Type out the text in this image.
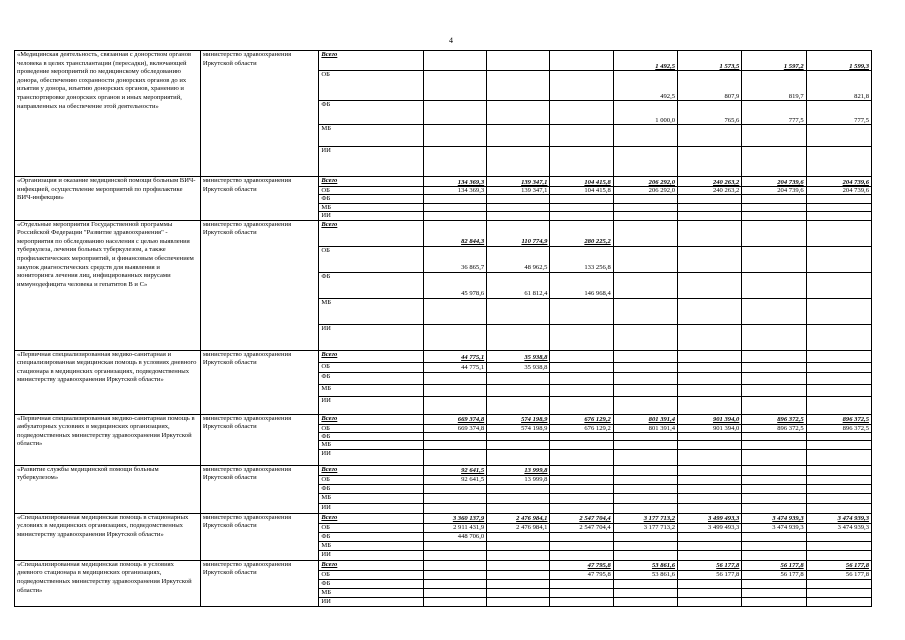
4
«Медицинская деятельность, связанная с донорством органов человека в целях трансплантации (пересадки), включающей проведение мероприятий по медицинскому обследованию донора, обеспечению сохранности донорских органов до их изъятия у донора, изъятию донорских органов, хранению и транспортировке донорских органов и иных мероприятий, направленных на обеспечение этой деятельности»	министерство здравоохранения Иркутской области	Всего				1 492,5	1 573,5	1 597,2	1 599,3
		ОБ				492,5	807,9	819,7	821,8
		ФБ				1 000,0	765,6	777,5	777,5
		МБ							
		ИИ							
«Организация и оказание медицинской помощи больным ВИЧ-инфекцией, осуществление мероприятий по профилактике ВИЧ-инфекции»	министерство здравоохранения Иркутской области	Всего	134 369,3	139 347,1	104 415,8	206 292,0	240 263,2	204 739,6	204 739,6
		ОБ	134 369,3	139 347,1	104 415,8	206 292,0	240 263,2	204 739,6	204 739,6
		ФБ							
		МБ							
		ИИ							
«Отдельные мероприятия Государственной программы Российской Федерации "Развитие здравоохранения" - мероприятия по обследованию населения с целью выявления туберкулеза, лечения больных туберкулезом, а также профилактических мероприятий, и финансовым обеспечением закупок диагностических средств для выявления и мониторинга лечения лиц, инфицированных вирусами иммунодефицита человека и гепатитов B и C»	министерство здравоохранения Иркутской области	Всего	82 844,3	110 774,9	280 225,2				
		ОБ	36 865,7	48 962,5	133 256,8				
		ФБ	45 978,6	61 812,4	146 968,4				
		МБ							
		ИИ							
«Первичная специализированная медико-санитарная и специализированная медицинская помощь в условиях дневного стационара в медицинских организациях, подведомственных министерству здравоохранения Иркутской области»	министерство здравоохранения Иркутской области	Всего	44 775,1	35 938,8					
		ОБ	44 775,1	35 938,8					
		ФБ							
		МБ							
		ИИ							
«Первичная специализированная медико-санитарная помощь в амбулаторных условиях в медицинских организациях, подведомственных министерству здравоохранения Иркутской области»	министерство здравоохранения Иркутской области	Всего	669 374,8	574 198,9	676 129,2	801 391,4	901 394,0	896 372,5	896 372,5
		ОБ	669 374,8	574 198,9	676 129,2	801 391,4	901 394,0	896 372,5	896 372,5
		ФБ							
		МБ							
		ИИ							
«Развитие службы медицинской помощи больным туберкулезом»	министерство здравоохранения Иркутской области	Всего	92 641,5	13 999,8					
		ОБ	92 641,5	13 999,8					
		ФБ							
		МБ							
		ИИ							
«Специализированная медицинская помощь в стационарных условиях в медицинских организациях, подведомственных министерству здравоохранения Иркутской области»	министерство здравоохранения Иркутской области	Всего	3 360 137,9	2 476 984,1	2 547 704,4	3 177 713,2	3 499 493,3	3 474 939,3	3 474 939,3
		ОБ	2 911 431,9	2 476 984,1	2 547 704,4	3 177 713,2	3 499 493,3	3 474 939,3	3 474 939,3
		ФБ	448 706,0						
		МБ							
		ИИ							
«Специализированная медицинская помощь в условиях дневного стационара в медицинских организациях, подведомственных министерству здравоохранения Иркутской области»	министерство здравоохранения Иркутской области	Всего			47 795,8	53 861,6	56 177,8	56 177,8	56 177,8
		ОБ			47 795,8	53 861,6	56 177,8	56 177,8	56 177,8
		ФБ							
		МБ							
		ИИ							
